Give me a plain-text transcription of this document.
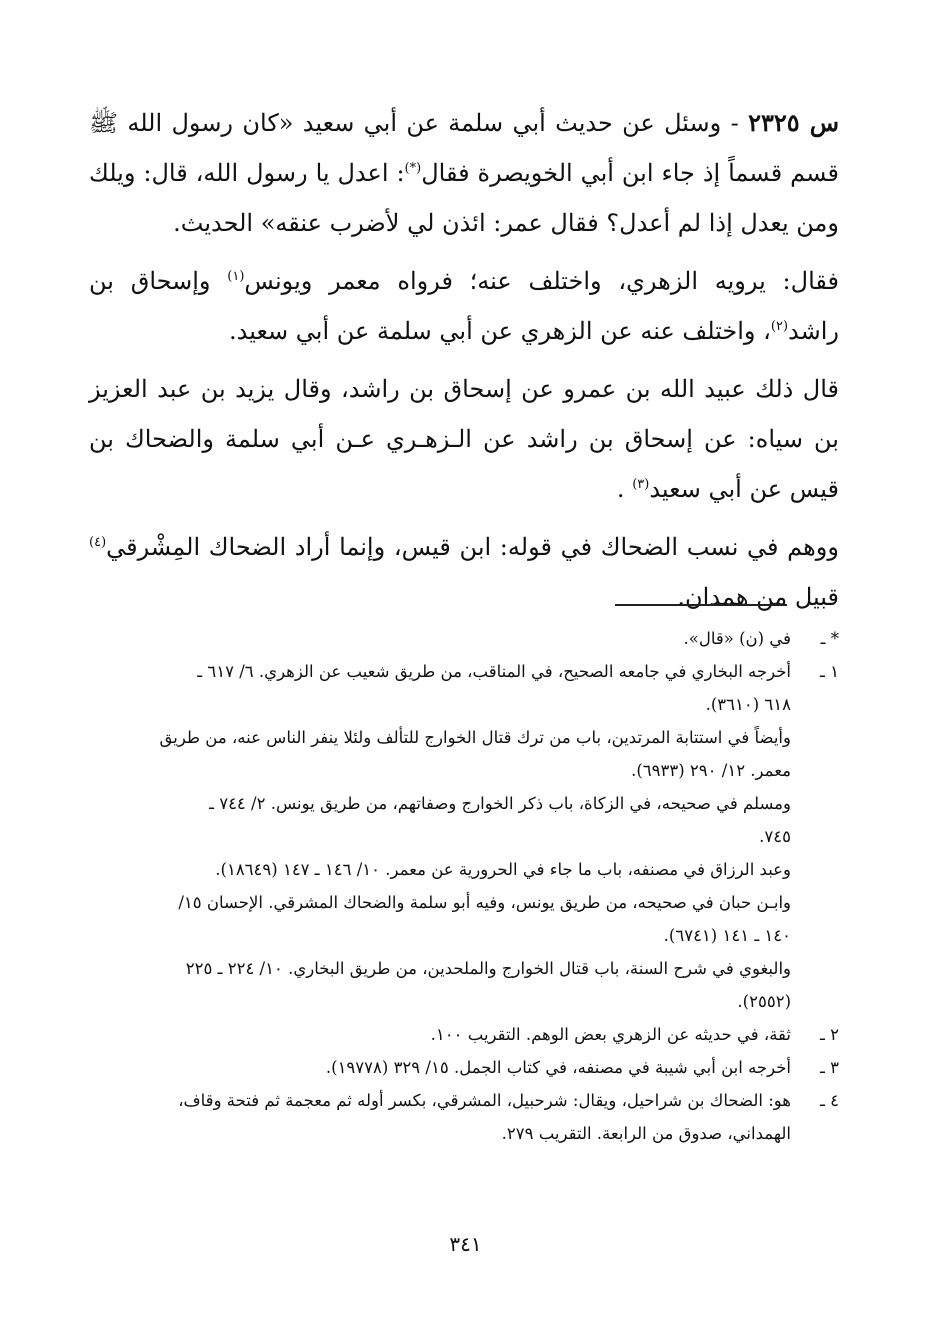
س ٢٣٢٥ - وسئل عن حديث أبي سلمة عن أبي سعيد «كان رسول الله ﷺ قسم قسماً إذ جاء ابن أبي الخويصرة فقال(*): اعدل يا رسول الله، قال: ويلك ومن يعدل إذا لم أعدل؟ فقال عمر: ائذن لي لأضرب عنقه» الحديث.

فقال: يرويه الزهري، واختلف عنه؛ فرواه معمر ويونس$^{(١)}$ وإسحاق بن راشد$^{(٢)}$، واختلف عنه عن الزهري عن أبي سلمة عن أبي سعيد.

قال ذلك عبيد الله بن عمرو عن إسحاق بن راشد، وقال يزيد بن عبد العزيز بن سياه: عن إسحاق بن راشد عن الـزهـري عـن أبي سلمة والضحاك بن قيس عن أبي سعيد$^{(٣)}$ .

ووهم في نسب الضحاك في قوله: ابن قيس، وإنما أراد الضحاك المِشْرقي$^{(٤)}$ قبيل من همدان.

* ـ
في (ن) «قال».
١ ـ
أخرجه البخاري في جامعه الصحيح، في المناقب، من طريق شعيب عن الزهري. ٦/ ٦١٧ ـ
٦١٨ (٣٦١٠).
وأيضاً في استتابة المرتدين، باب من ترك قتال الخوارج للتألف ولئلا ينفر الناس عنه، من طريق
معمر. ١٢/ ٢٩٠ (٦٩٣٣).
ومسلم في صحيحه، في الزكاة، باب ذكر الخوارج وصفاتهم، من طريق يونس. ٢/ ٧٤٤ ـ
٧٤٥.
وعبد الرزاق في مصنفه، باب ما جاء في الحرورية عن معمر. ١٠/ ١٤٦ ـ ١٤٧ (١٨٦٤٩).
وابـن حبان في صحيحه، من طريق يونس، وفيه أبو سلمة والضحاك المشرقي. الإحسان ١٥/
١٤٠ ـ ١٤١ (٦٧٤١).
والبغوي في شرح السنة، باب قتال الخوارج والملحدين، من طريق البخاري. ١٠/ ٢٢٤ ـ ٢٢٥
(٢٥٥٢).
٢ ـ
ثقة، في حديثه عن الزهري بعض الوهم. التقريب ١٠٠.
٣ ـ
أخرجه ابن أبي شيبة في مصنفه، في كتاب الجمل. ١٥/ ٣٢٩ (١٩٧٧٨).
٤ ـ
هو: الضحاك بن شراحيل، ويقال: شرحبيل، المشرقي، بكسر أوله ثم معجمة ثم فتحة وقاف،
الهمداني، صدوق من الرابعة. التقريب ٢٧٩.
٣٤١
